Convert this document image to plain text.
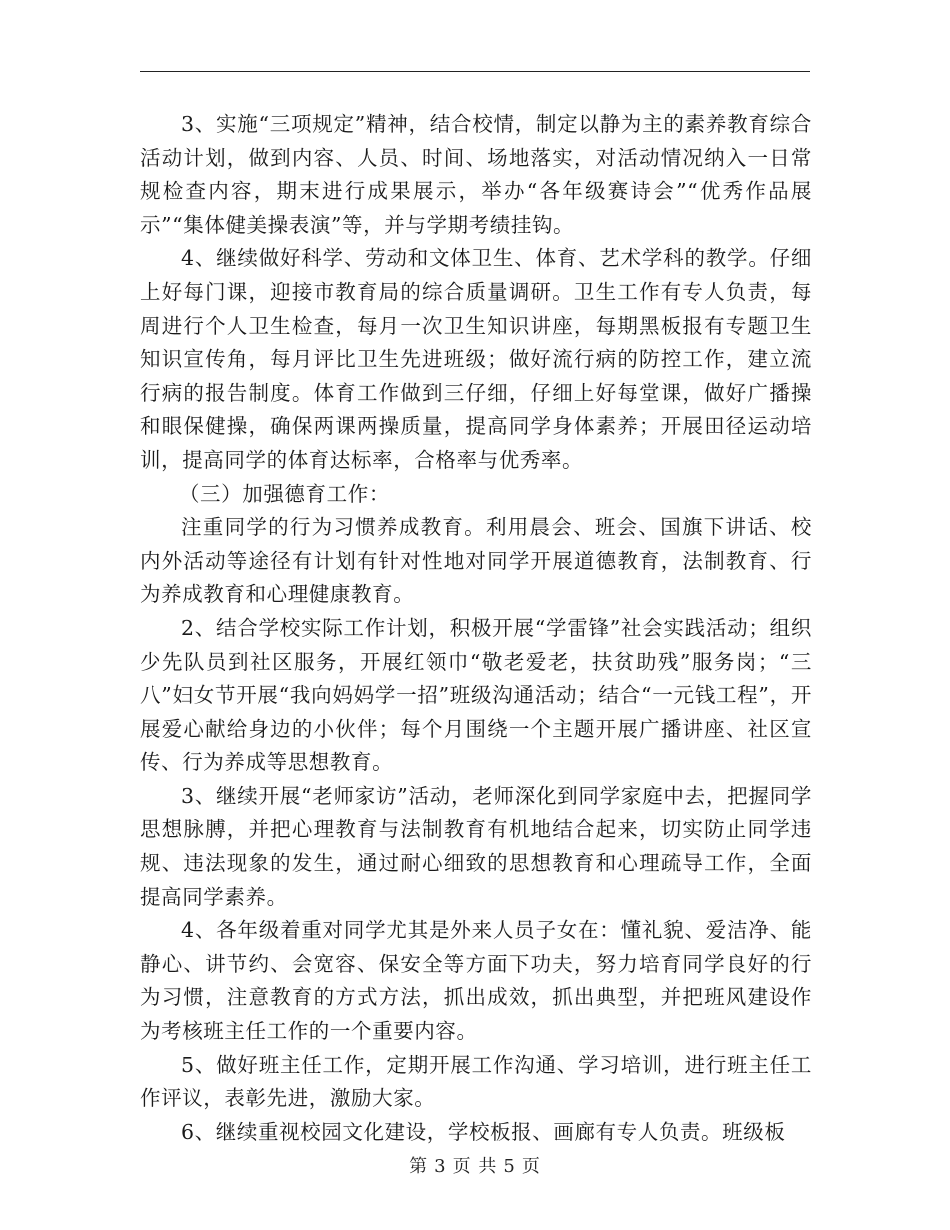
3、实施“三项规定”精神，结合校情，制定以静为主的素养教育综合活动计划，做到内容、人员、时间、场地落实，对活动情况纳入一日常规检查内容，期末进行成果展示，举办“各年级赛诗会”“优秀作品展示”“集体健美操表演”等，并与学期考绩挂钩。

4、继续做好科学、劳动和文体卫生、体育、艺术学科的教学。仔细上好每门课，迎接市教育局的综合质量调研。卫生工作有专人负责，每周进行个人卫生检查，每月一次卫生知识讲座，每期黑板报有专题卫生知识宣传角，每月评比卫生先进班级；做好流行病的防控工作，建立流行病的报告制度。体育工作做到三仔细，仔细上好每堂课，做好广播操和眼保健操，确保两课两操质量，提高同学身体素养；开展田径运动培训，提高同学的体育达标率，合格率与优秀率。

（三）加强德育工作：

注重同学的行为习惯养成教育。利用晨会、班会、国旗下讲话、校内外活动等途径有计划有针对性地对同学开展道德教育，法制教育、行为养成教育和心理健康教育。

2、结合学校实际工作计划，积极开展“学雷锋”社会实践活动；组织少先队员到社区服务，开展红领巾“敬老爱老，扶贫助残”服务岗；“三八”妇女节开展“我向妈妈学一招”班级沟通活动；结合“一元钱工程”，开展爱心献给身边的小伙伴；每个月围绕一个主题开展广播讲座、社区宣传、行为养成等思想教育。

3、继续开展“老师家访”活动，老师深化到同学家庭中去，把握同学思想脉膊，并把心理教育与法制教育有机地结合起来，切实防止同学违规、违法现象的发生，通过耐心细致的思想教育和心理疏导工作，全面提高同学素养。

4、各年级着重对同学尤其是外来人员子女在：懂礼貌、爱洁净、能静心、讲节约、会宽容、保安全等方面下功夫，努力培育同学良好的行为习惯，注意教育的方式方法，抓出成效，抓出典型，并把班风建设作为考核班主任工作的一个重要内容。

5、做好班主任工作，定期开展工作沟通、学习培训，进行班主任工作评议，表彰先进，激励大家。

6、继续重视校园文化建设，学校板报、画廊有专人负责。班级板

第 3 页 共 5 页
